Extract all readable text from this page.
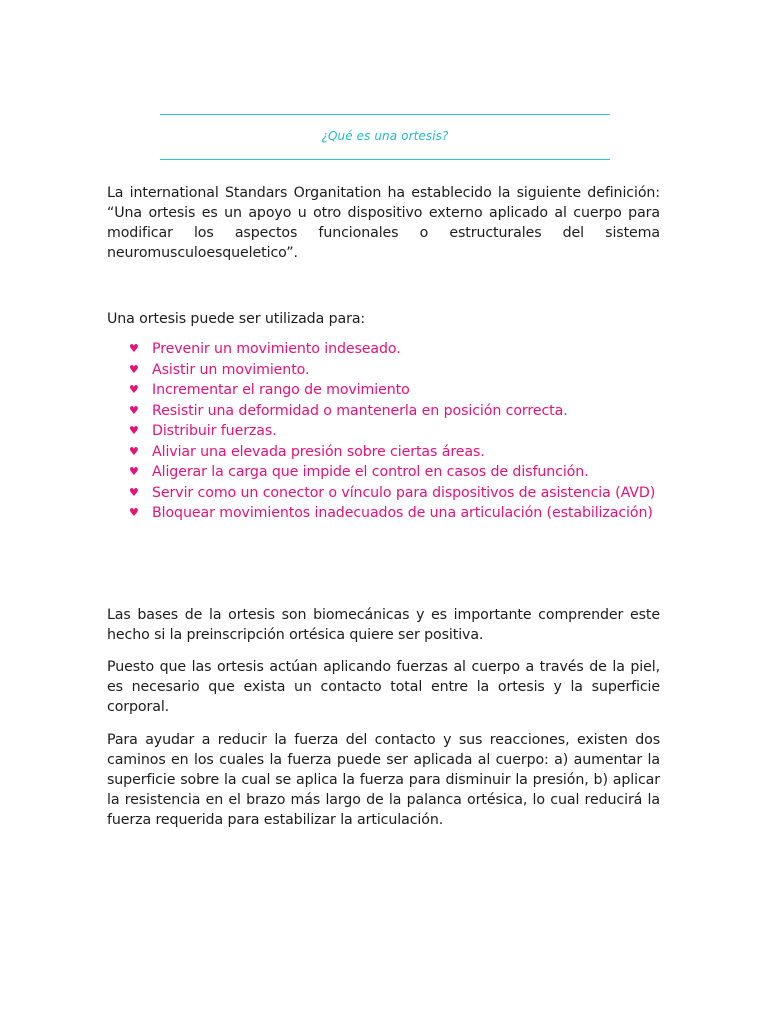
¿Qué es una ortesis?
La international Standars Organitation ha establecido la siguiente definición: “Una ortesis es un apoyo u otro dispositivo externo aplicado al cuerpo para modificar los aspectos funcionales o estructurales del sistema neuromusculoesqueletico”.
Una ortesis puede ser utilizada para:
♥ Prevenir un movimiento indeseado.
♥ Asistir un movimiento.
♥ Incrementar el rango de movimiento
♥ Resistir una deformidad o mantenerla en posición correcta.
♥ Distribuir fuerzas.
♥ Aliviar una elevada presión sobre ciertas áreas.
♥ Aligerar la carga que impide el control en casos de disfunción.
♥ Servir como un conector o vínculo para dispositivos de asistencia (AVD)
♥ Bloquear movimientos inadecuados de una articulación (estabilización)
Las bases de la ortesis son biomecánicas y es importante comprender este hecho si la preinscripción ortésica quiere ser positiva.
Puesto que las ortesis actúan aplicando fuerzas al cuerpo a través de la piel, es necesario que exista un contacto total entre la ortesis y la superficie corporal.
Para ayudar a reducir la fuerza del contacto y sus reacciones, existen dos caminos en los cuales la fuerza puede ser aplicada al cuerpo: a) aumentar la superficie sobre la cual se aplica la fuerza para disminuir la presión, b) aplicar la resistencia en el brazo más largo de la palanca ortésica, lo cual reducirá la fuerza requerida para estabilizar la articulación.
